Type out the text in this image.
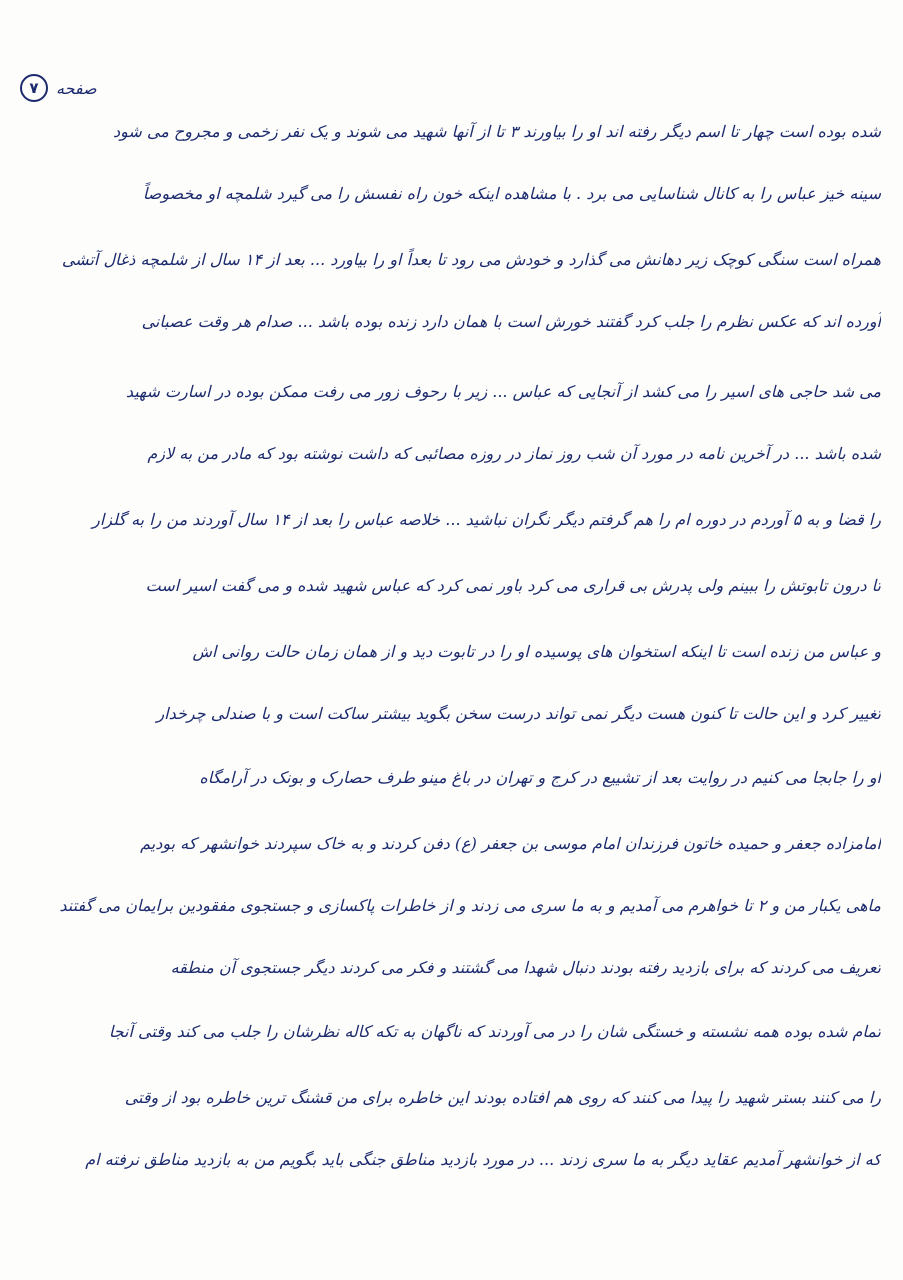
صفحه
۷
شده بوده است چهار تا اسم دیگر رفته اند او را بیاورند ۳ تا از آنها شهید می شوند و یک نفر زخمی و مجروح می شود
سینه خیز عباس را به کانال شناسایی می برد . با مشاهده اینکه خون راه نفسش را می گیرد شلمچه او مخصوصاً
همراه است سنگی کوچک زیر دهانش می گذارد و خودش می رود تا بعداً او را بیاورد ... بعد از ۱۴ سال از شلمچه ذغال آتشی
آورده اند که عکس نظرم را جلب کرد گفتند خورش است با همان دارد زنده بوده باشد ... صدام هر وقت عصبانی
می شد حاجی های اسیر را می کشد از آنجایی که عباس ... زیر با رحوف زور می رفت ممکن بوده در اسارت شهید
شده باشد ... در آخرین نامه در مورد آن شب روز نماز در روزه مصائبی که داشت نوشته بود که مادر من به لازم
را قضا و به ۵ آوردم در دوره ام را هم گرفتم دیگر نگران نباشید ... خلاصه عباس را بعد از ۱۴ سال آوردند من را به گلزار
تا درون تابوتش را ببینم ولی پدرش بی قراری می کرد باور نمی کرد که عباس شهید شده و می گفت اسیر است
و عباس من زنده است تا اینکه استخوان های پوسیده او را در تابوت دید و از همان زمان حالت روانی اش
تغییر کرد و این حالت تا کنون هست دیگر نمی تواند درست سخن بگوید بیشتر ساکت است و با صندلی چرخدار
او را جابجا می کنیم در روایت بعد از تشییع در کرج و تهران در باغ مینو طرف حصارک و بونک در آرامگاه
امامزاده جعفر و حمیده خاتون فرزندان امام موسی بن جعفر (ع) دفن کردند و به خاک سپردند خوانشهر که بودیم
ماهی یکبار من و ۲ تا خواهرم می آمدیم و به ما سری می زدند و از خاطرات پاکسازی و جستجوی مفقودین برایمان می گفتند
تعریف می کردند که برای بازدید رفته بودند دنبال شهدا می گشتند و فکر می کردند دیگر جستجوی آن منطقه
تمام شده بوده همه نشسته و خستگی شان را در می آوردند که ناگهان به تکه کاله نظرشان را جلب می کند وقتی آنجا
را می کنند بستر شهید را پیدا می کنند که روی هم افتاده بودند این خاطره برای من قشنگ ترین خاطره بود از وقتی
که از خوانشهر آمدیم عقاید دیگر به ما سری زدند ... در مورد بازدید مناطق جنگی باید بگویم من به بازدید مناطق نرفته ام
